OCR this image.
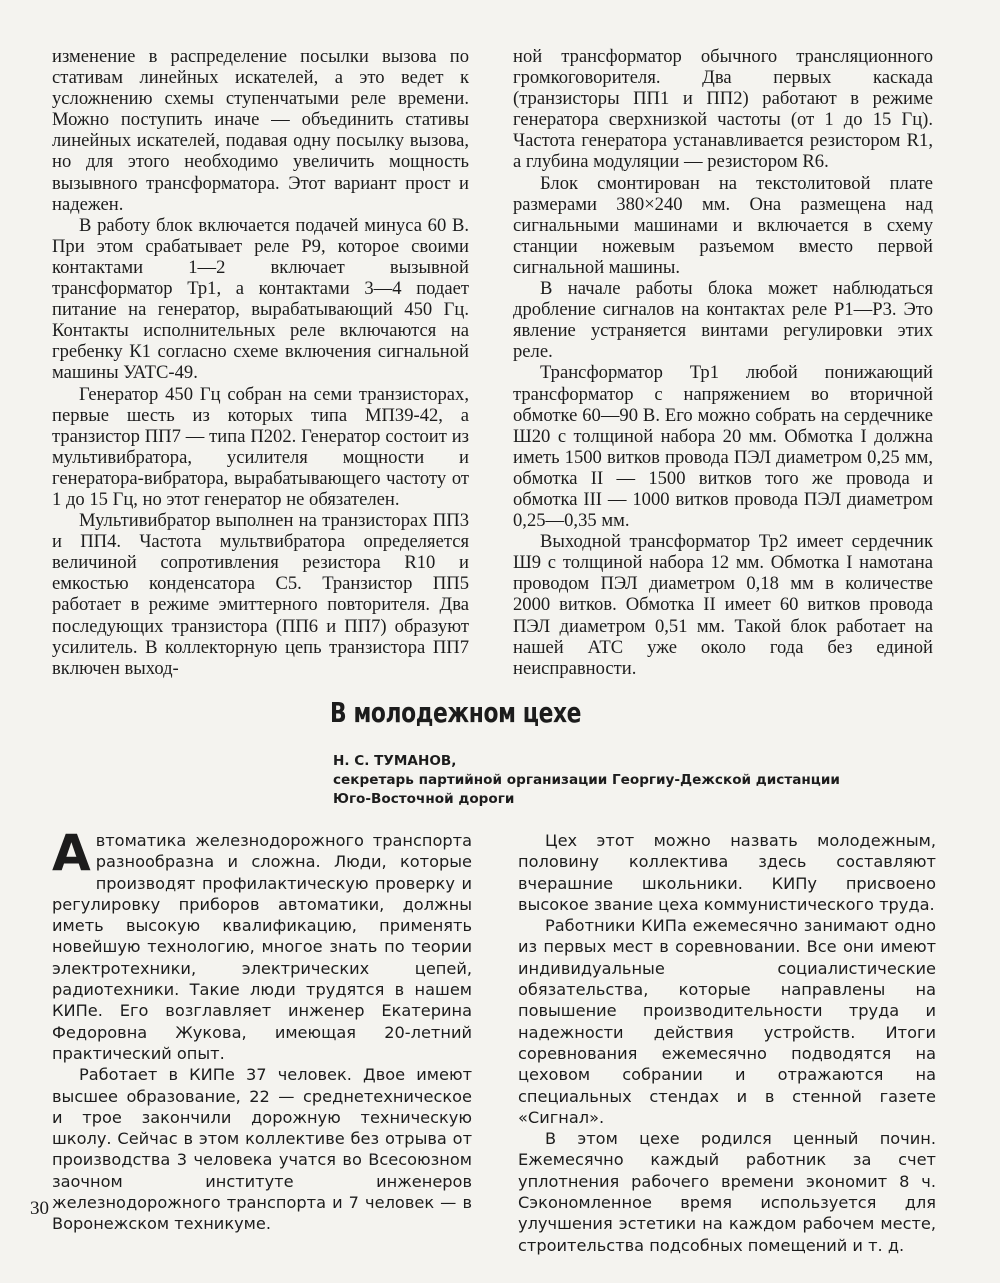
изменение в распределение посылки вызова по стативам линейных искателей, а это ведет к усложнению схемы ступенчатыми реле времени. Можно поступить иначе — объединить стативы линейных искателей, подавая одну посылку вызова, но для этого необходимо увеличить мощность вызывного трансформатора. Этот вариант прост и надежен.

В работу блок включается подачей минуса 60 В. При этом срабатывает реле Р9, которое своими контактами 1—2 включает вызывной трансформатор Тр1, а контактами 3—4 подает питание на генератор, вырабатывающий 450 Гц. Контакты исполнительных реле включаются на гребенку К1 согласно схеме включения сигнальной машины УАТС-49.

Генератор 450 Гц собран на семи транзисторах, первые шесть из которых типа МП39-42, а транзистор ПП7 — типа П202. Генератор состоит из мультивибратора, усилителя мощности и генератора-вибратора, вырабатывающего частоту от 1 до 15 Гц, но этот генератор не обязателен.

Мультивибратор выполнен на транзисторах ПП3 и ПП4. Частота мультвибратора определяется величиной сопротивления резистора R10 и емкостью конденсатора С5. Транзистор ПП5 работает в режиме эмиттерного повторителя. Два последующих транзистора (ПП6 и ПП7) образуют усилитель. В коллекторную цепь транзистора ПП7 включен выход-

ной трансформатор обычного трансляционного громкоговорителя. Два первых каскада (транзисторы ПП1 и ПП2) работают в режиме генератора сверхнизкой частоты (от 1 до 15 Гц). Частота генератора устанавливается резистором R1, а глубина модуляции — резистором R6.

Блок смонтирован на текстолитовой плате размерами 380×240 мм. Она размещена над сигнальными машинами и включается в схему станции ножевым разъемом вместо первой сигнальной машины.

В начале работы блока может наблюдаться дробление сигналов на контактах реле Р1—Р3. Это явление устраняется винтами регулировки этих реле.

Трансформатор Тр1 любой понижающий трансформатор с напряжением во вторичной обмотке 60—90 В. Его можно собрать на сердечнике Ш20 с толщиной набора 20 мм. Обмотка I должна иметь 1500 витков провода ПЭЛ диаметром 0,25 мм, обмотка II — 1500 витков того же провода и обмотка III — 1000 витков провода ПЭЛ диаметром 0,25—0,35 мм.

Выходной трансформатор Тр2 имеет сердечник Ш9 с толщиной набора 12 мм. Обмотка I намотана проводом ПЭЛ диаметром 0,18 мм в количестве 2000 витков. Обмотка II имеет 60 витков провода ПЭЛ диаметром 0,51 мм. Такой блок работает на нашей АТС уже около года без единой неисправности.

В молодежном цехе
Н. С. ТУМАНОВ,
секретарь партийной организации Георгиу-Дежской дистанции
Юго-Восточной дороги

Автоматика железнодорожного транспорта разнообразна и сложна. Люди, которые производят профилактическую проверку и регулировку приборов автоматики, должны иметь высокую квалификацию, применять новейшую технологию, многое знать по теории электротехники, электрических цепей, радиотехники. Такие люди трудятся в нашем КИПе. Его возглавляет инженер Екатерина Федоровна Жукова, имеющая 20-летний практический опыт.

Работает в КИПе 37 человек. Двое имеют высшее образование, 22 — среднетехническое и трое закончили дорожную техническую школу. Сейчас в этом коллективе без отрыва от производства 3 человека учатся во Всесоюзном заочном институте инженеров железнодорожного транспорта и 7 человек — в Воронежском техникуме.

Цех этот можно назвать молодежным, половину коллектива здесь составляют вчерашние школьники. КИПу присвоено высокое звание цеха коммунистического труда.

Работники КИПа ежемесячно занимают одно из первых мест в соревновании. Все они имеют индивидуальные социалистические обязательства, которые направлены на повышение производительности труда и надежности действия устройств. Итоги соревнования ежемесячно подводятся на цеховом собрании и отражаются на специальных стендах и в стенной газете «Сигнал».

В этом цехе родился ценный почин. Ежемесячно каждый работник за счет уплотнения рабочего времени экономит 8 ч. Сэкономленное время используется для улучшения эстетики на каждом рабочем месте, строительства подсобных помещений и т. д.

30
